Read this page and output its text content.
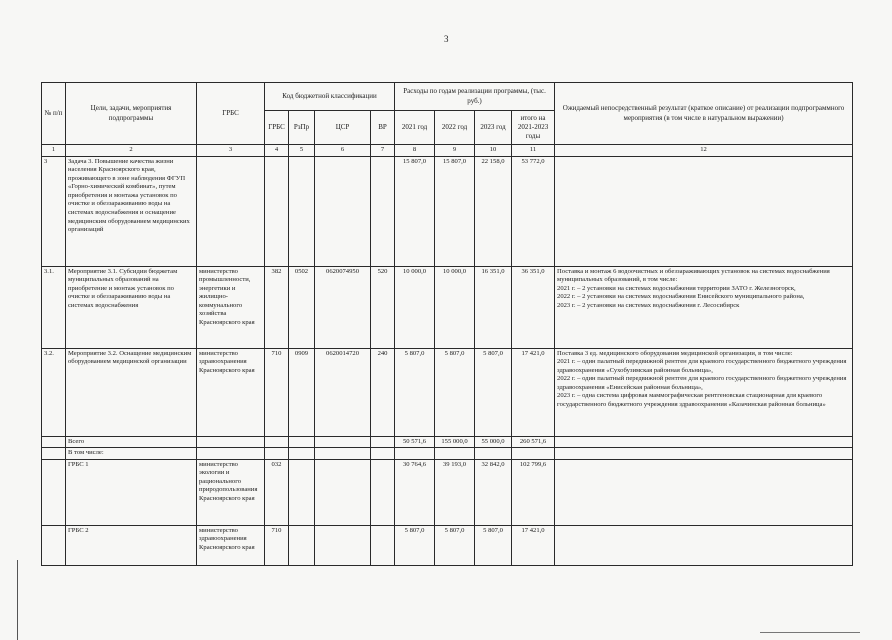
3
№ п/п	Цели, задачи, мероприятия подпрограммы	ГРБС	Код бюджетной классификации				Расходы по годам реализации программы, (тыс. руб.)				Ожидаемый непосредственный результат (краткое описание) от реализации подпрограммного мероприятия (в том числе в натуральном выражении)
			ГРБС	РзПр	ЦСР	ВР	2021 год	2022 год	2023 год	итого на 2021-2023 годы	
1	2	3	4	5	6	7	8	9	10	11	12
3	Задача 3. Повышение качества жизни населения Красноярского края, проживающего в зоне наблюдения ФГУП «Горно-химический комбинат», путем приобретения и монтажа установок по очистке и обеззараживанию воды на системах водоснабжения и оснащение медицинским оборудованием медицинских организаций						15 807,0	15 807,0	22 158,0	53 772,0	
3.1.	Мероприятие 3.1. Субсидии бюджетам муниципальных образований на приобретение и монтаж установок по очистке и обеззараживанию воды на системах водоснабжения	министерство промышленности, энергетики и жилищно-коммунального хозяйства Красноярского края	382	0502	0620074950	520	10 000,0	10 000,0	16 351,0	36 351,0	Поставка и монтаж 6 водоочистных и обеззараживающих установок на системах водоснабжения муниципальных образований, в том числе:
2021 г. – 2 установки на системах водоснабжения территории ЗАТО г. Железногорск,
2022 г. – 2 установки на системах водоснабжения Енисейского муниципального района,
2023 г. – 2 установки на системах водоснабжения г. Лесосибирск
3.2.	Мероприятие 3.2. Оснащение медицинским оборудованием медицинской организации	министерство здравоохранения Красноярского края	710	0909	0620014720	240	5 807,0	5 807,0	5 807,0	17 421,0	Поставка 3 ед. медицинского оборудования медицинской организации, в том числе:
2021 г. – один палатный передвижной рентген для краевого государственного бюджетного учреждения здравоохранения «Сухобузимская районная больница»,
2022 г. – один палатный передвижной рентген для краевого государственного бюджетного учреждения здравоохранения «Енисейская районная больница»,
2023 г. – одна система цифровая маммографическая рентгеновская стационарная для краевого государственного бюджетного учреждения здравоохранения «Казачинская районная больница»
	Всего						50 571,6	155 000,0	55 000,0	260 571,6	
	В том числе:										
	ГРБС 1	министерство экологии и рационального природопользования Красноярского края	032				30 764,6	39 193,0	32 842,0	102 799,6	
	ГРБС 2	министерство здравоохранения Красноярского края	710				5 807,0	5 807,0	5 807,0	17 421,0	
